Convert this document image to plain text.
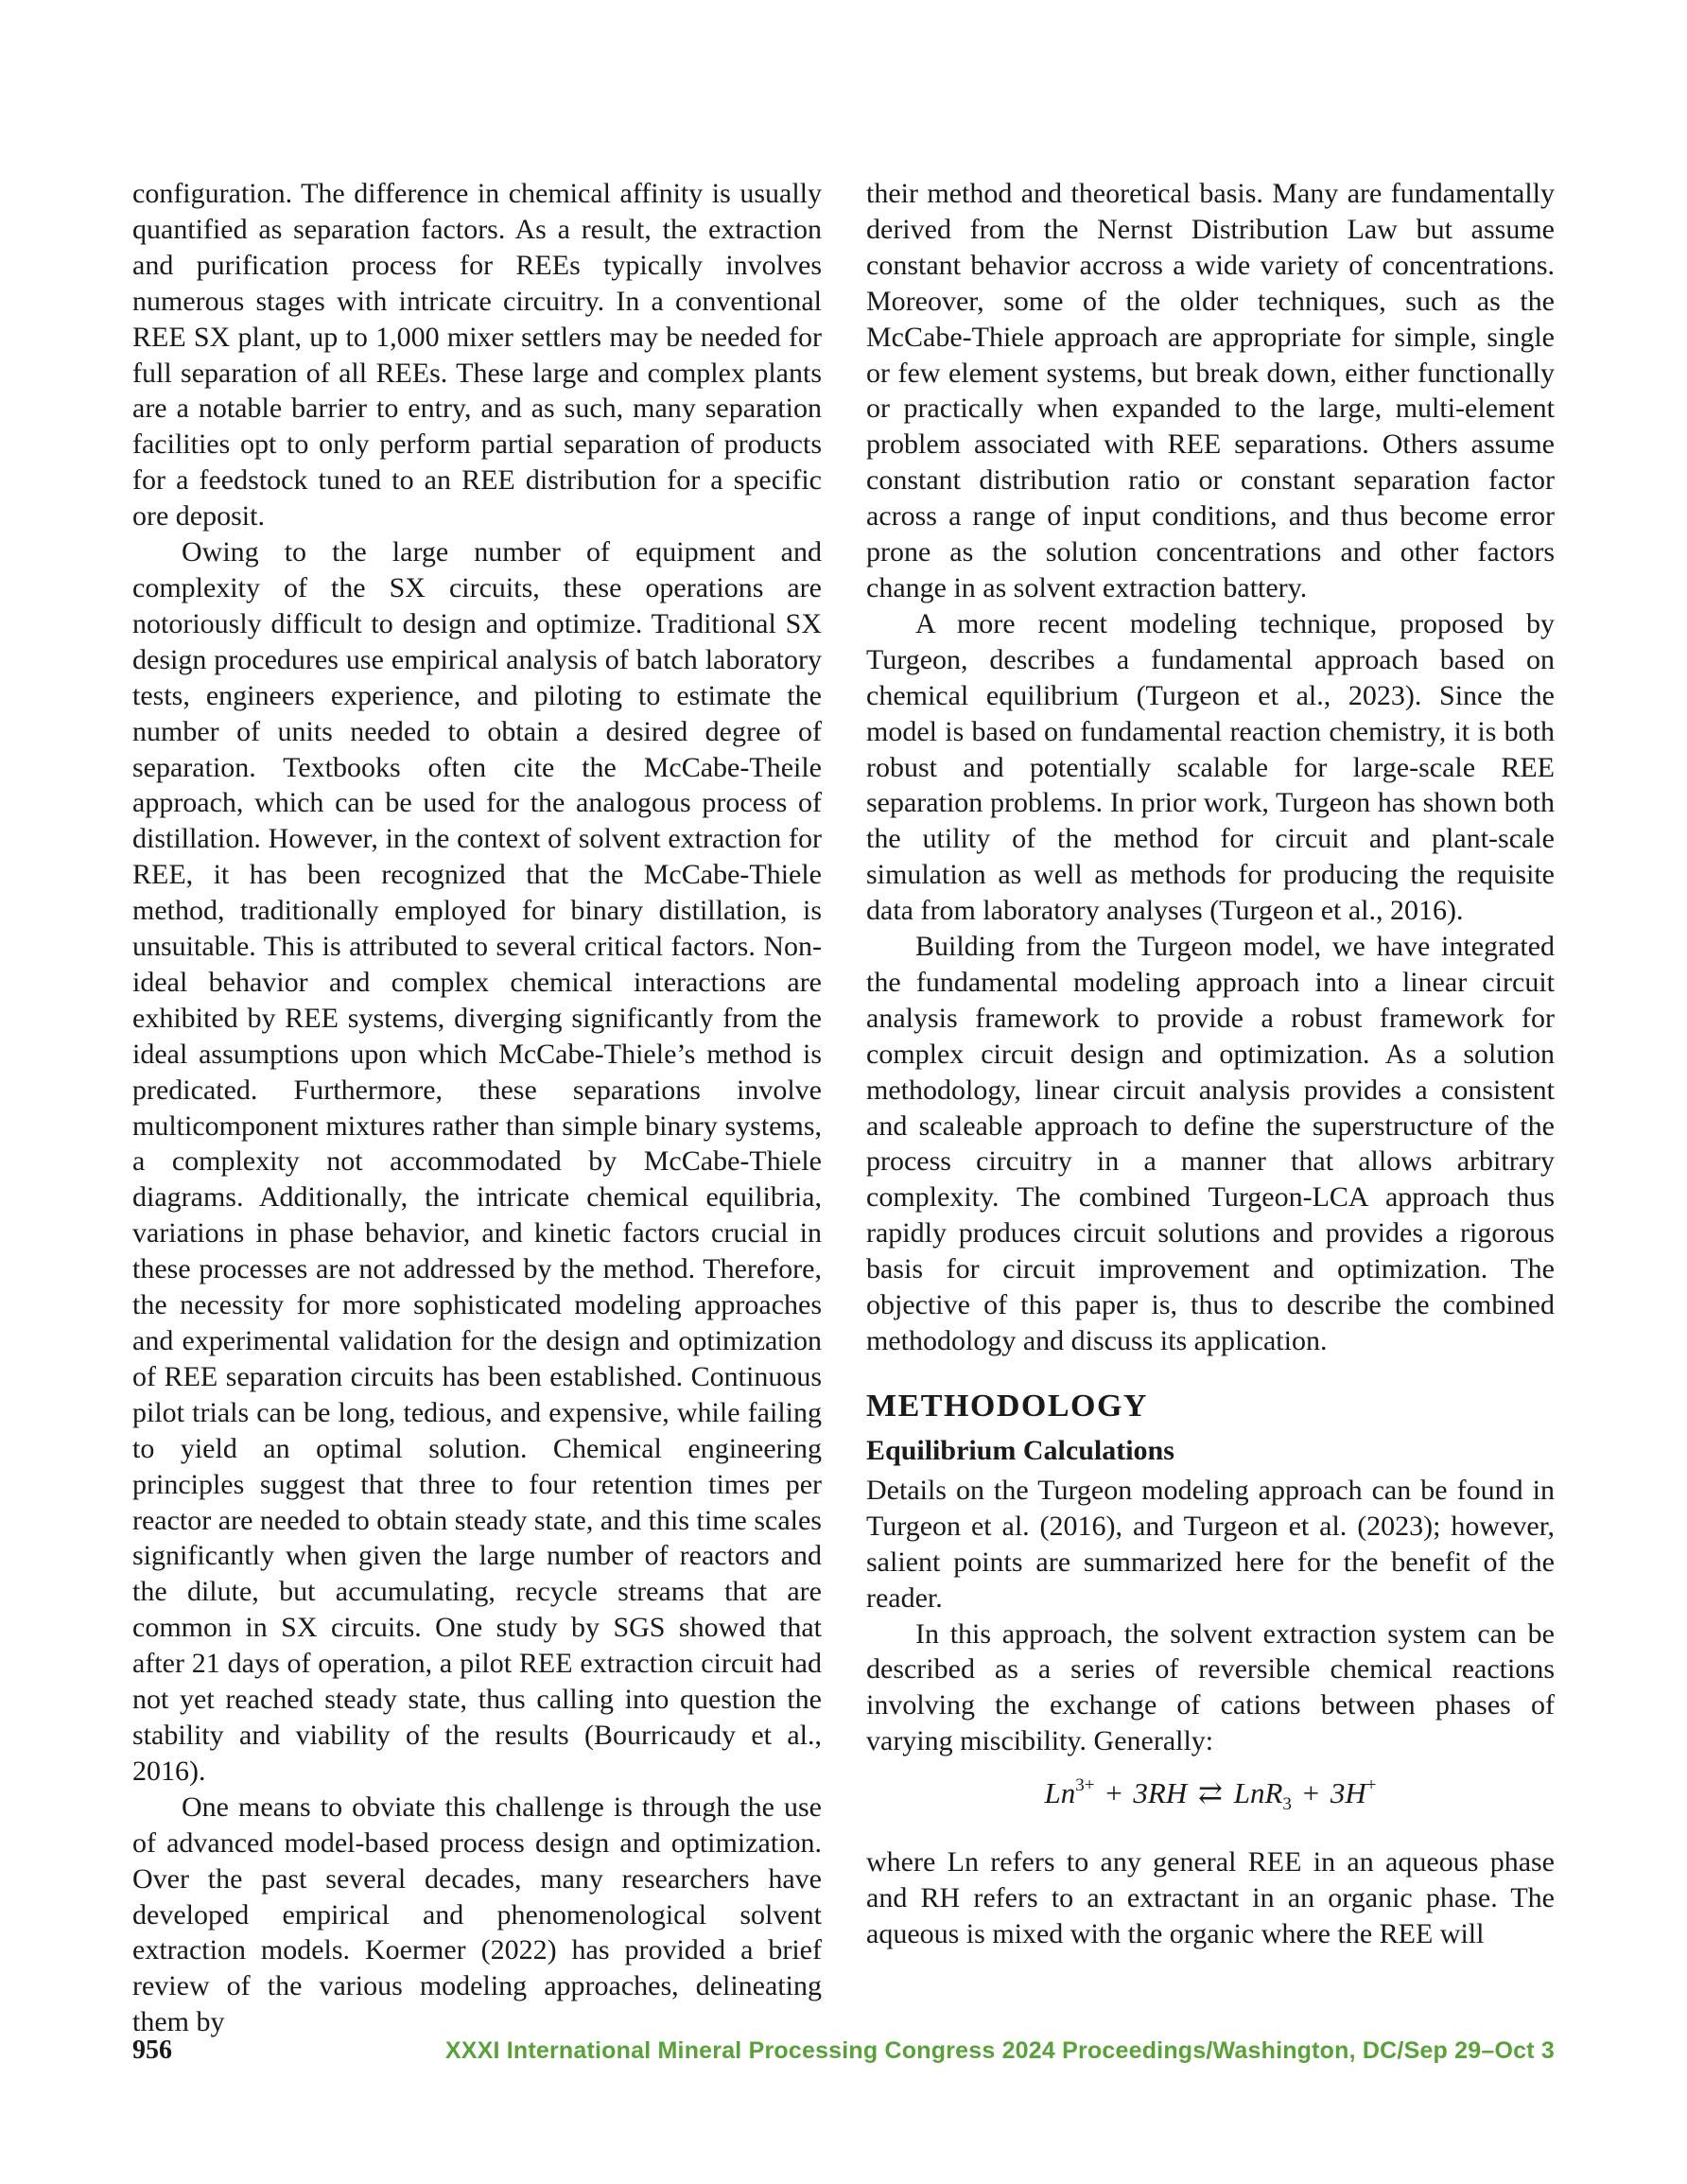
configuration. The difference in chemical affinity is usually quantified as separation factors. As a result, the extraction and purification process for REEs typically involves numerous stages with intricate circuitry. In a conventional REE SX plant, up to 1,000 mixer settlers may be needed for full separation of all REEs. These large and complex plants are a notable barrier to entry, and as such, many separation facilities opt to only perform partial separation of products for a feedstock tuned to an REE distribution for a specific ore deposit.

Owing to the large number of equipment and complexity of the SX circuits, these operations are notoriously difficult to design and optimize. Traditional SX design procedures use empirical analysis of batch laboratory tests, engineers experience, and piloting to estimate the number of units needed to obtain a desired degree of separation. Textbooks often cite the McCabe-Theile approach, which can be used for the analogous process of distillation. However, in the context of solvent extraction for REE, it has been recognized that the McCabe-Thiele method, traditionally employed for binary distillation, is unsuitable. This is attributed to several critical factors. Non-ideal behavior and complex chemical interactions are exhibited by REE systems, diverging significantly from the ideal assumptions upon which McCabe-Thiele’s method is predicated. Furthermore, these separations involve multicomponent mixtures rather than simple binary systems, a complexity not accommodated by McCabe-Thiele diagrams. Additionally, the intricate chemical equilibria, variations in phase behavior, and kinetic factors crucial in these processes are not addressed by the method. Therefore, the necessity for more sophisticated modeling approaches and experimental validation for the design and optimization of REE separation circuits has been established. Continuous pilot trials can be long, tedious, and expensive, while failing to yield an optimal solution. Chemical engineering principles suggest that three to four retention times per reactor are needed to obtain steady state, and this time scales significantly when given the large number of reactors and the dilute, but accumulating, recycle streams that are common in SX circuits. One study by SGS showed that after 21 days of operation, a pilot REE extraction circuit had not yet reached steady state, thus calling into question the stability and viability of the results (Bourricaudy et al., 2016).

One means to obviate this challenge is through the use of advanced model-based process design and optimization. Over the past several decades, many researchers have developed empirical and phenomenological solvent extraction models. Koermer (2022) has provided a brief review of the various modeling approaches, delineating them by

their method and theoretical basis. Many are fundamentally derived from the Nernst Distribution Law but assume constant behavior accross a wide variety of concentrations. Moreover, some of the older techniques, such as the McCabe-Thiele approach are appropriate for simple, single or few element systems, but break down, either functionally or practically when expanded to the large, multi-element problem associated with REE separations. Others assume constant distribution ratio or constant separation factor across a range of input conditions, and thus become error prone as the solution concentrations and other factors change in as solvent extraction battery.

A more recent modeling technique, proposed by Turgeon, describes a fundamental approach based on chemical equilibrium (Turgeon et al., 2023). Since the model is based on fundamental reaction chemistry, it is both robust and potentially scalable for large-scale REE separation problems. In prior work, Turgeon has shown both the utility of the method for circuit and plant-scale simulation as well as methods for producing the requisite data from laboratory analyses (Turgeon et al., 2016).

Building from the Turgeon model, we have integrated the fundamental modeling approach into a linear circuit analysis framework to provide a robust framework for complex circuit design and optimization. As a solution methodology, linear circuit analysis provides a consistent and scaleable approach to define the superstructure of the process circuitry in a manner that allows arbitrary complexity. The combined Turgeon-LCA approach thus rapidly produces circuit solutions and provides a rigorous basis for circuit improvement and optimization. The objective of this paper is, thus to describe the combined methodology and discuss its application.

METHODOLOGY
Equilibrium Calculations

Details on the Turgeon modeling approach can be found in Turgeon et al. (2016), and Turgeon et al. (2023); however, salient points are summarized here for the benefit of the reader.

In this approach, the solvent extraction system can be described as a series of reversible chemical reactions involving the exchange of cations between phases of varying miscibility. Generally:

$Ln^{3+} + 3RH$ ⇄ LnR$_3$ + 3H+

where Ln refers to any general REE in an aqueous phase and RH refers to an extractant in an organic phase. The aqueous is mixed with the organic where the REE will

956	XXXI International Mineral Processing Congress 2024 Proceedings/Washington, DC/Sep 29–Oct 3
